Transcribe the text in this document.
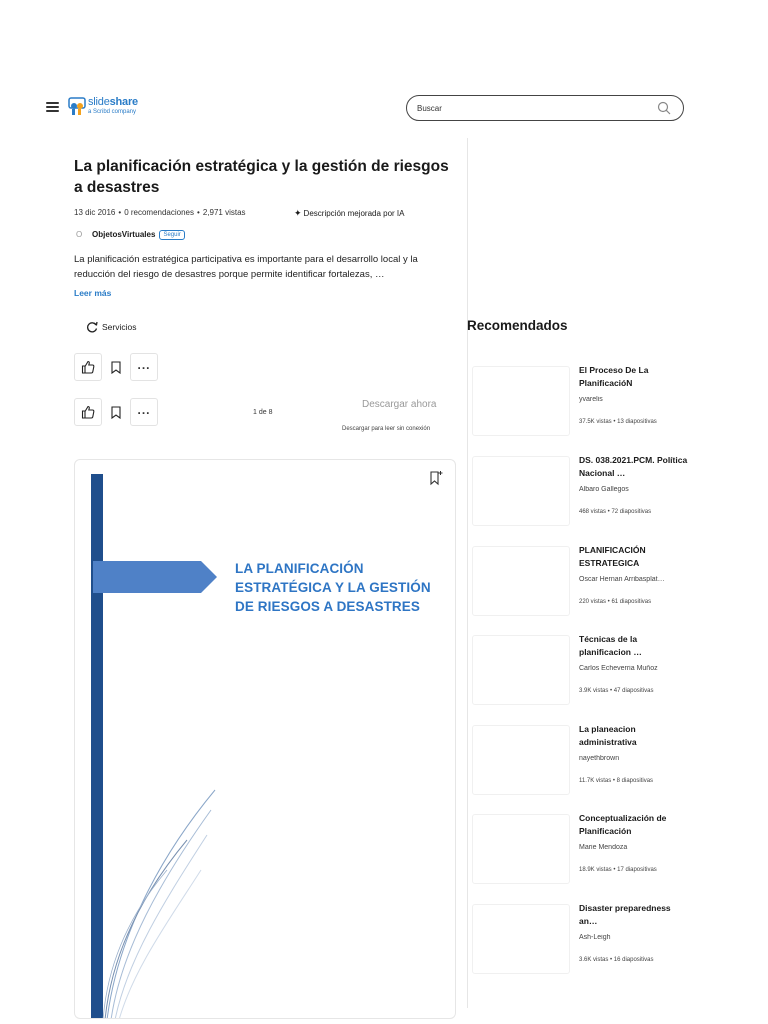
slideshare
a Scribd company
Buscar
La planificación estratégica y la gestión de riesgos a desastres
13 dic 2016 • 0 recomendaciones • 2,971 vistas	✦ Descripción mejorada por IA
O ObjetosVirtuales Seguir

La planificación estratégica participativa es importante para el desarrollo local y la reducción del riesgo de desastres porque permite identificar fortalezas, …

Leer más
Servicios
...
...	1 de 8
Descargar ahora
Descargar para leer sin conexión
LA PLANIFICACIÓN ESTRATÉGICA Y LA GESTIÓN DE RIESGOS A DESASTRES
Recomendados
El Proceso De La PlanificacióN
yvarelis
37.5K vistas • 13 diapositivas
DS. 038.2021.PCM. Política Nacional …
Albaro Gallegos
468 vistas • 72 diapositivas
PLANIFICACIÓN ESTRATEGICA
Oscar Hernan Arribasplat…
220 vistas • 61 diapositivas
Técnicas de la planificacion …
Carlos Echeverria Muñoz
3.9K vistas • 47 diapositivas
La planeacion administrativa
nayethbrown
11.7K vistas • 8 diapositivas
Conceptualización de Planificación
Marie Mendoza
18.9K vistas • 17 diapositivas
Disaster preparedness an…
Ash-Leigh
3.6K vistas • 16 diapositivas
